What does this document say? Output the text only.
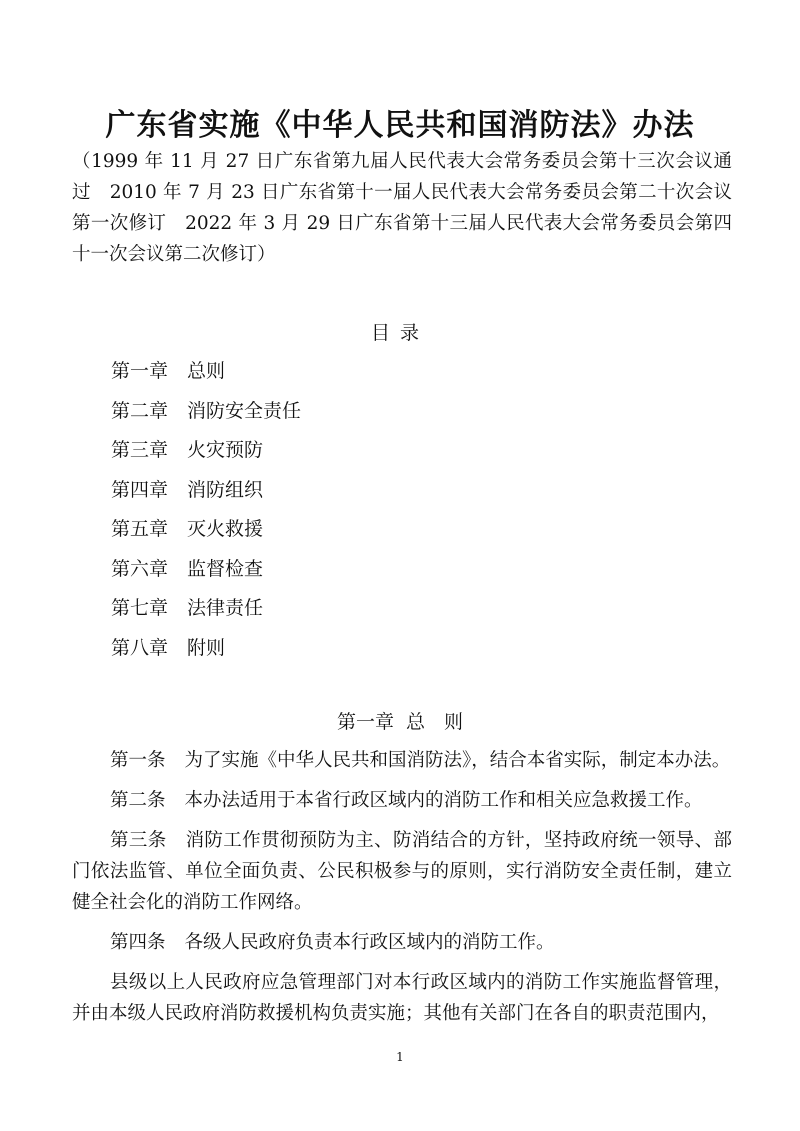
广东省实施《中华人民共和国消防法》办法
（1999 年 11 月 27 日广东省第九届人民代表大会常务委员会第十三次会议通过　2010 年 7 月 23 日广东省第十一届人民代表大会常务委员会第二十次会议第一次修订　2022 年 3 月 29 日广东省第十三届人民代表大会常务委员会第四十一次会议第二次修订）
目录
第一章 总则
第二章 消防安全责任
第三章 火灾预防
第四章 消防组织
第五章 灭火救援
第六章 监督检查
第七章 法律责任
第八章 附则
第一章 总　则

第一条 为了实施《中华人民共和国消防法》，结合本省实际，制定本办法。

第二条 本办法适用于本省行政区域内的消防工作和相关应急救援工作。

第三条 消防工作贯彻预防为主、防消结合的方针，坚持政府统一领导、部门依法监管、单位全面负责、公民积极参与的原则，实行消防安全责任制，建立健全社会化的消防工作网络。

第四条 各级人民政府负责本行政区域内的消防工作。

县级以上人民政府应急管理部门对本行政区域内的消防工作实施监督管理，并由本级人民政府消防救援机构负责实施；其他有关部门在各自的职责范围内，

1
